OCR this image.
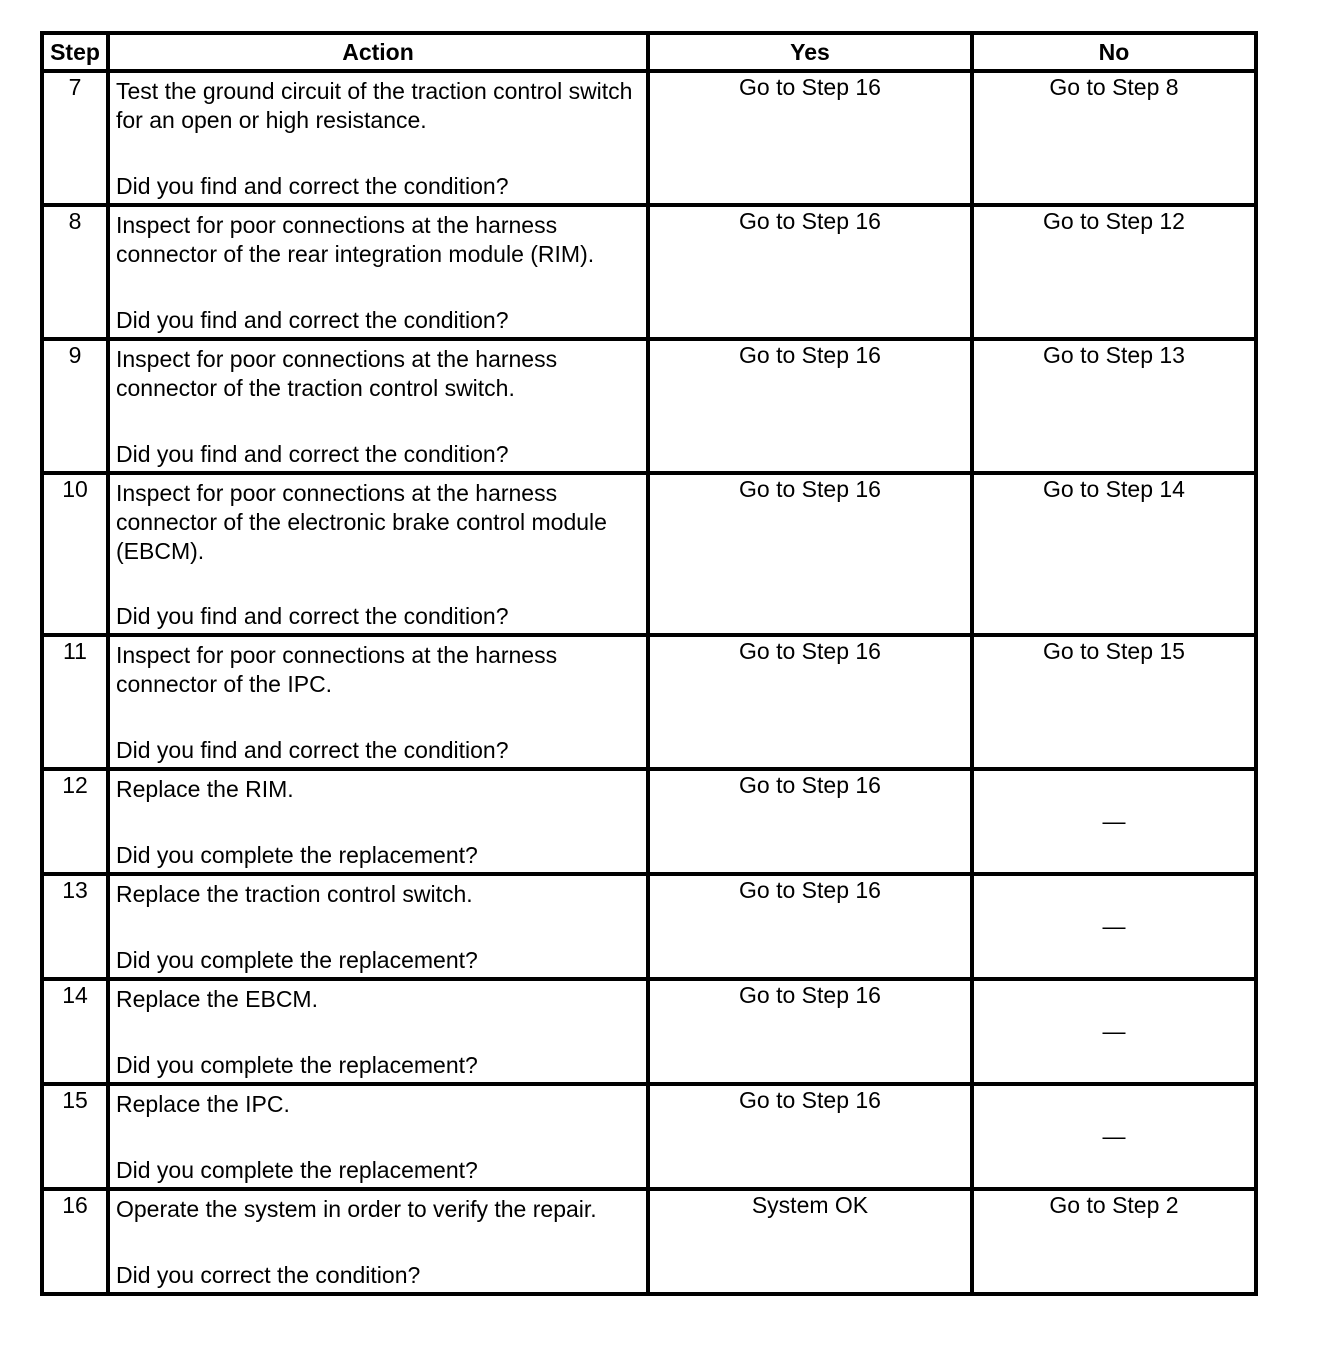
Step	Action	Yes	No
7	Test the ground circuit of the traction control switch for an open or high resistance.
Did you find and correct the condition?	Go to Step 16	Go to Step 8

8	Inspect for poor connections at the harness connector of the rear integration module (RIM).
Did you find and correct the condition?	Go to Step 16	Go to Step 12

9	Inspect for poor connections at the harness connector of the traction control switch.
Did you find and correct the condition?	Go to Step 16	Go to Step 13

10	Inspect for poor connections at the harness connector of the electronic brake control module (EBCM).
Did you find and correct the condition?	Go to Step 16	Go to Step 14

11	Inspect for poor connections at the harness connector of the IPC.
Did you find and correct the condition?	Go to Step 16	Go to Step 15

12	Replace the RIM.
Did you complete the replacement?	Go to Step 16	—

13	Replace the traction control switch.
Did you complete the replacement?	Go to Step 16	—

14	Replace the EBCM.
Did you complete the replacement?	Go to Step 16	—

15	Replace the IPC.
Did you complete the replacement?	Go to Step 16	—

16	Operate the system in order to verify the repair.
Did you correct the condition?	System OK	Go to Step 2
